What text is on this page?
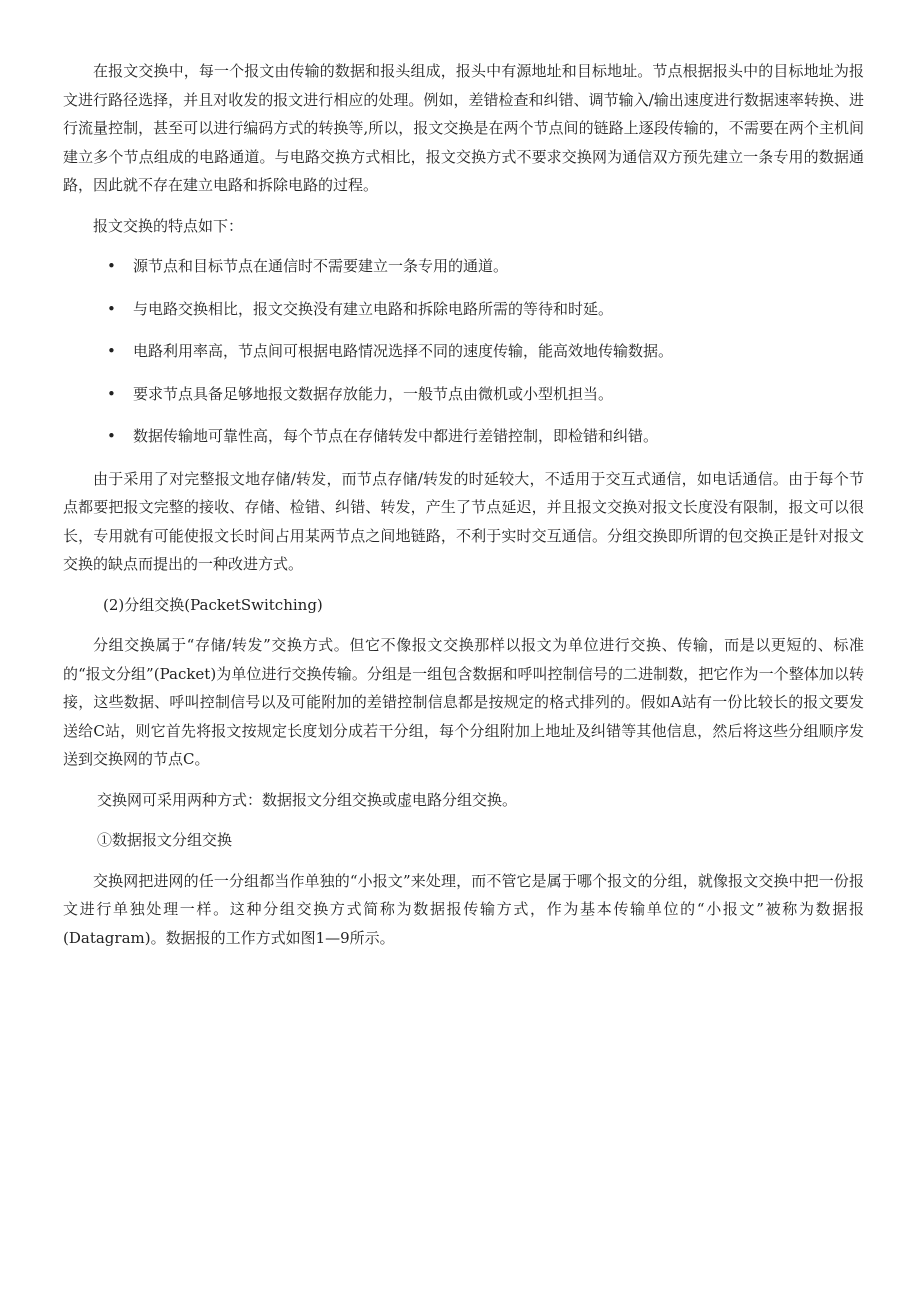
在报文交换中，每一个报文由传输的数据和报头组成，报头中有源地址和目标地址。节点根据报头中的目标地址为报文进行路径选择，并且对收发的报文进行相应的处理。例如，差错检查和纠错、调节输入/输出速度进行数据速率转换、进行流量控制，甚至可以进行编码方式的转换等,所以，报文交换是在两个节点间的链路上逐段传输的，不需要在两个主机间建立多个节点组成的电路通道。与电路交换方式相比，报文交换方式不要求交换网为通信双方预先建立一条专用的数据通路，因此就不存在建立电路和拆除电路的过程。

报文交换的特点如下：

• 源节点和目标节点在通信时不需要建立一条专用的通道。
• 与电路交换相比，报文交换没有建立电路和拆除电路所需的等待和时延。
• 电路利用率高，节点间可根据电路情况选择不同的速度传输，能高效地传输数据。
• 要求节点具备足够地报文数据存放能力，一般节点由微机或小型机担当。
• 数据传输地可靠性高，每个节点在存储转发中都进行差错控制，即检错和纠错。

由于采用了对完整报文地存储/转发，而节点存储/转发的时延较大，不适用于交互式通信，如电话通信。由于每个节点都要把报文完整的接收、存储、检错、纠错、转发，产生了节点延迟，并且报文交换对报文长度没有限制，报文可以很长，专用就有可能使报文长时间占用某两节点之间地链路，不利于实时交互通信。分组交换即所谓的包交换正是针对报文交换的缺点而提出的一种改进方式。

(2)分组交换(PacketSwitching)

分组交换属于“存储/转发”交换方式。但它不像报文交换那样以报文为单位进行交换、传输，而是以更短的、标准的“报文分组”(Packet)为单位进行交换传输。分组是一组包含数据和呼叫控制信号的二进制数，把它作为一个整体加以转接，这些数据、呼叫控制信号以及可能附加的差错控制信息都是按规定的格式排列的。假如A站有一份比较长的报文要发送给C站，则它首先将报文按规定长度划分成若干分组，每个分组附加上地址及纠错等其他信息，然后将这些分组顺序发送到交换网的节点C。

交换网可采用两种方式：数据报文分组交换或虚电路分组交换。

①数据报文分组交换

交换网把进网的任一分组都当作单独的“小报文”来处理，而不管它是属于哪个报文的分组，就像报文交换中把一份报文进行单独处理一样。这种分组交换方式简称为数据报传输方式，作为基本传输单位的“小报文”被称为数据报(Datagram)。数据报的工作方式如图1—9所示。
